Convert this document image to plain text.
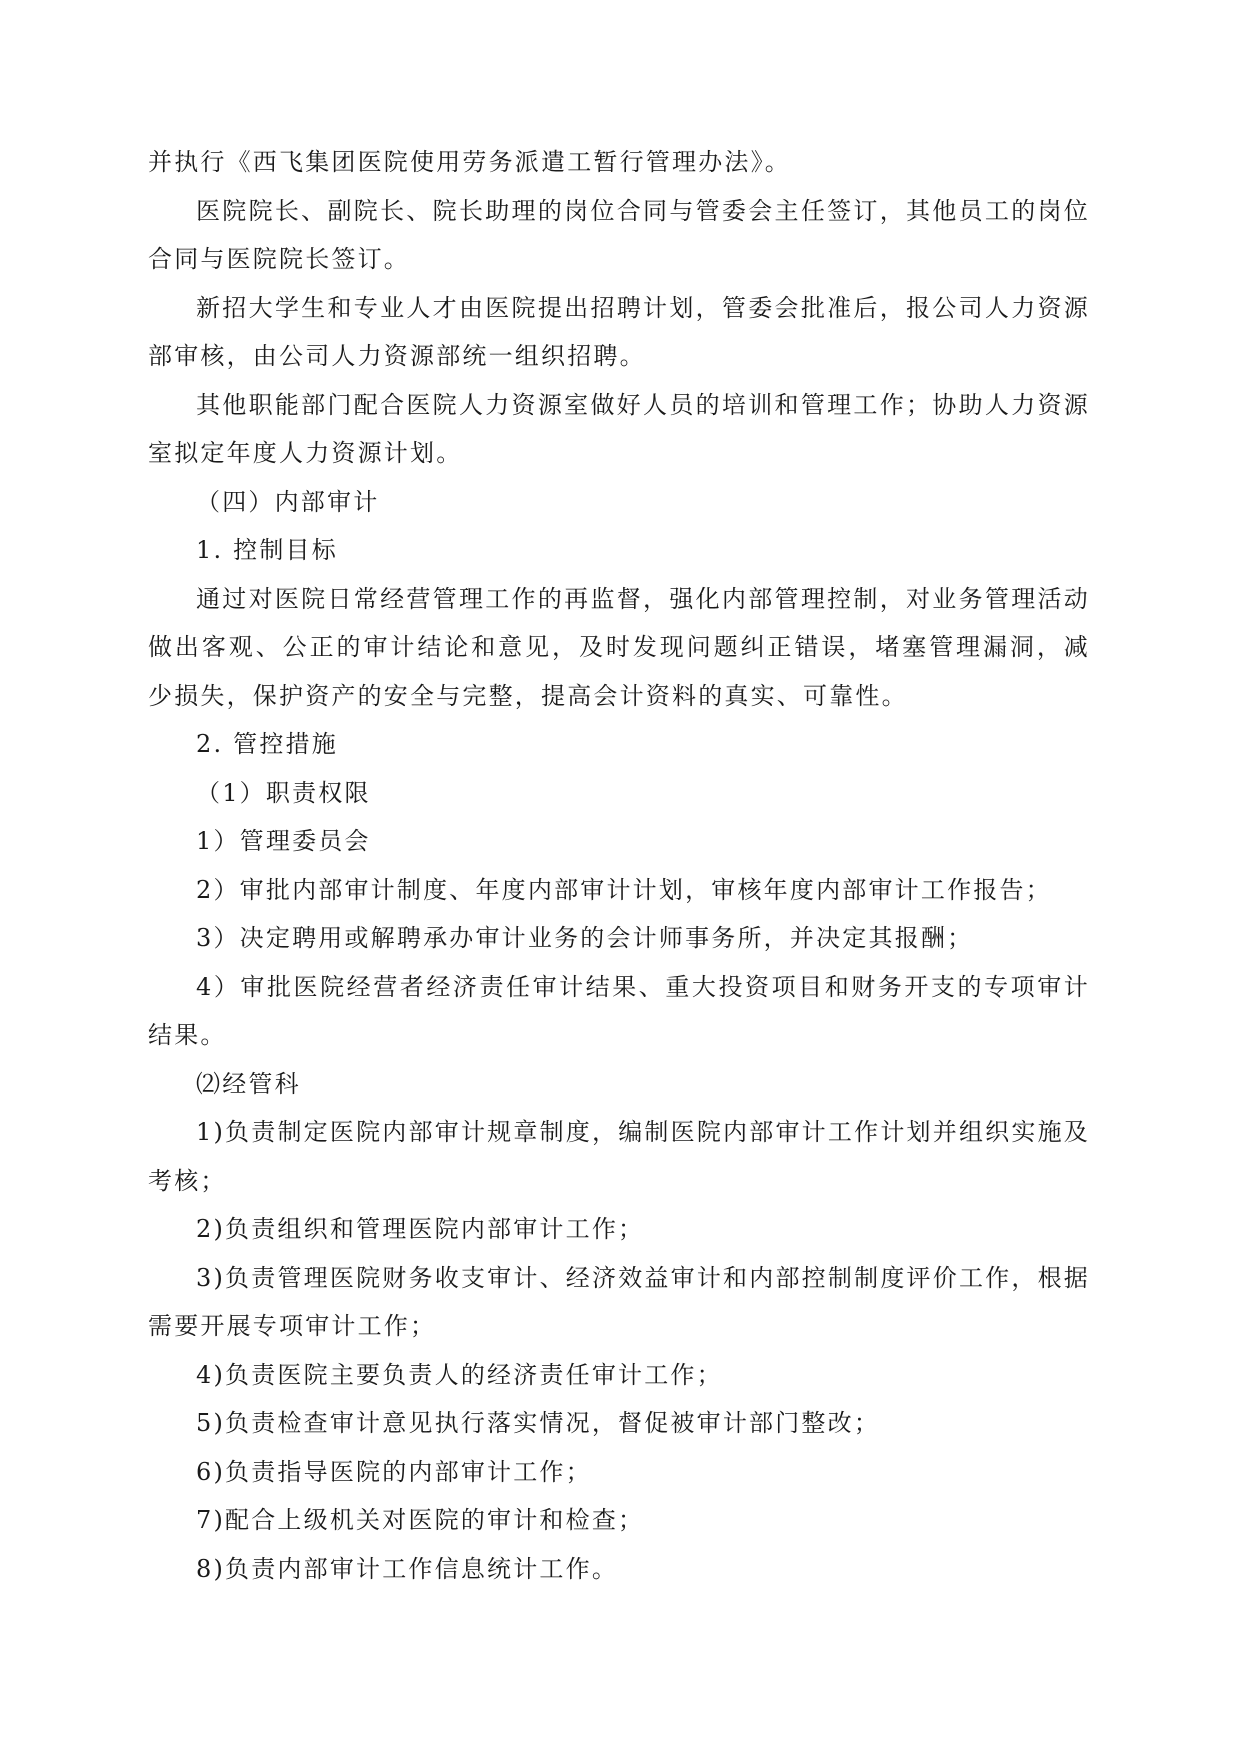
并执行《西飞集团医院使用劳务派遣工暂行管理办法》。

医院院长、副院长、院长助理的岗位合同与管委会主任签订，其他员工的岗位合同与医院院长签订。

新招大学生和专业人才由医院提出招聘计划，管委会批准后，报公司人力资源部审核，由公司人力资源部统一组织招聘。

其他职能部门配合医院人力资源室做好人员的培训和管理工作；协助人力资源室拟定年度人力资源计划。

（四）内部审计

1. 控制目标

通过对医院日常经营管理工作的再监督，强化内部管理控制，对业务管理活动做出客观、公正的审计结论和意见，及时发现问题纠正错误，堵塞管理漏洞，减少损失，保护资产的安全与完整，提高会计资料的真实、可靠性。

2. 管控措施

（1）职责权限

1）管理委员会

2）审批内部审计制度、年度内部审计计划，审核年度内部审计工作报告；

3）决定聘用或解聘承办审计业务的会计师事务所，并决定其报酬；

4）审批医院经营者经济责任审计结果、重大投资项目和财务开支的专项审计结果。

⑵经管科

1)负责制定医院内部审计规章制度，编制医院内部审计工作计划并组织实施及考核；

2)负责组织和管理医院内部审计工作；

3)负责管理医院财务收支审计、经济效益审计和内部控制制度评价工作，根据需要开展专项审计工作；

4)负责医院主要负责人的经济责任审计工作；

5)负责检查审计意见执行落实情况，督促被审计部门整改；

6)负责指导医院的内部审计工作；

7)配合上级机关对医院的审计和检查；

8)负责内部审计工作信息统计工作。
